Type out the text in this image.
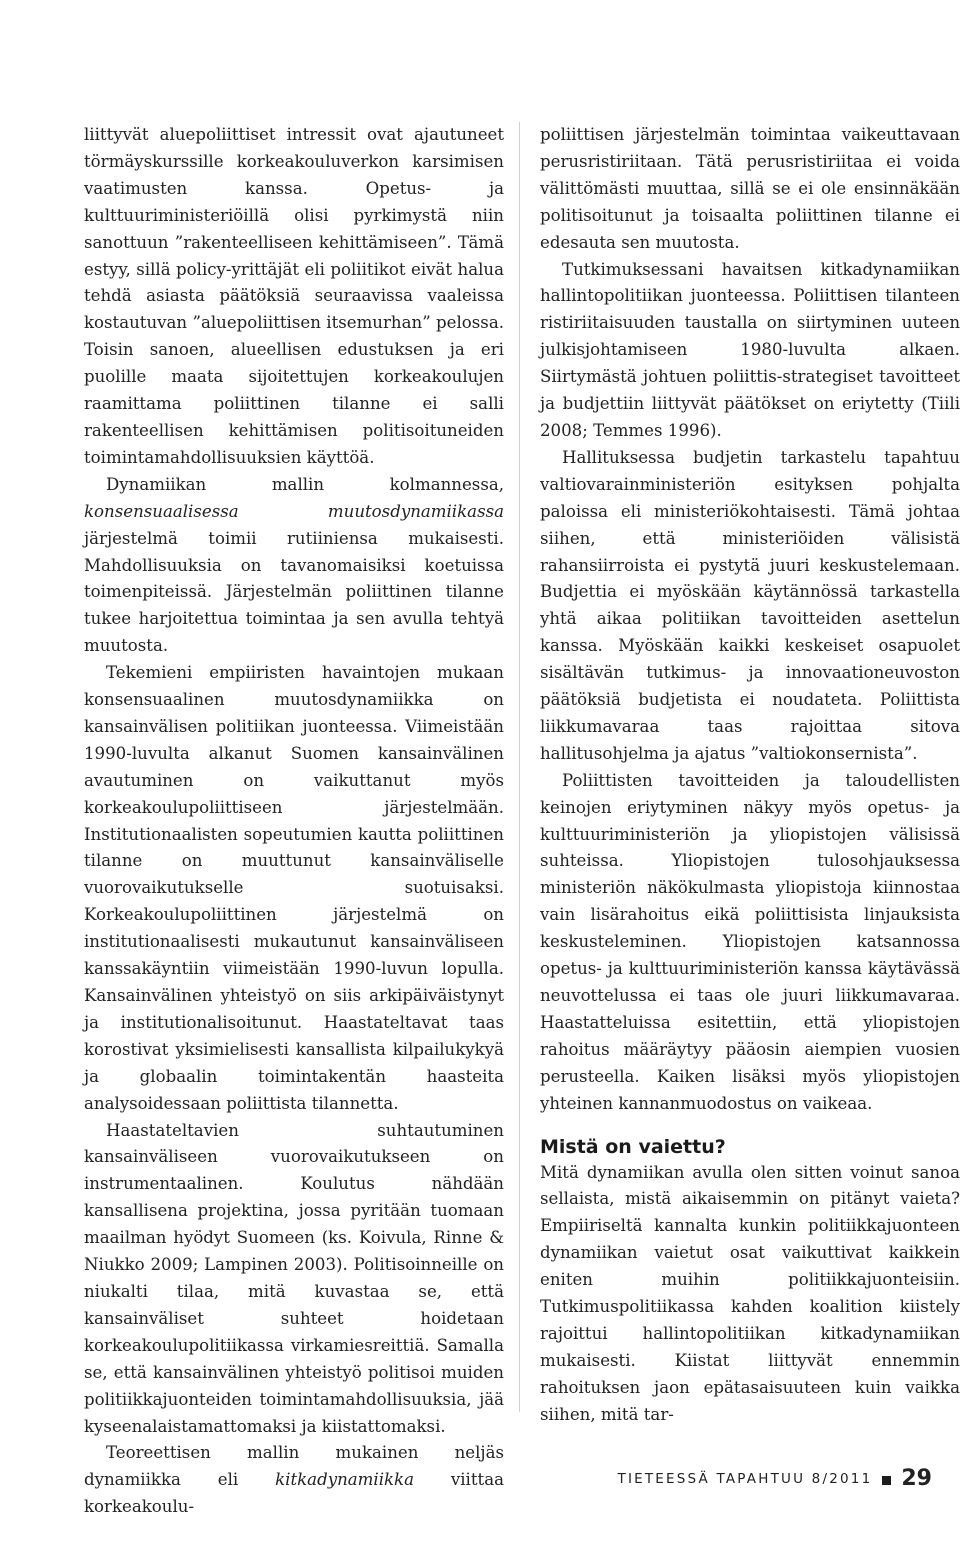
liittyvät aluepoliittiset intressit ovat ajautuneet törmäyskurssille korkeakouluverkon karsimisen vaatimusten kanssa. Opetus- ja kulttuuriministeriöillä olisi pyrkimystä niin sanottuun ”rakenteelliseen kehittämiseen”. Tämä estyy, sillä policy-yrittäjät eli poliitikot eivät halua tehdä asiasta päätöksiä seuraavissa vaaleissa kostautuvan ”aluepoliittisen itsemurhan” pelossa. Toisin sanoen, alueellisen edustuksen ja eri puolille maata sijoitettujen korkeakoulujen raamittama poliittinen tilanne ei salli rakenteellisen kehittämisen politisoituneiden toimintamahdollisuuksien käyttöä.

Dynamiikan mallin kolmannessa, konsensuaalisessa muutosdynamiikassa järjestelmä toimii rutiiniensa mukaisesti. Mahdollisuuksia on tavanomaisiksi koetuissa toimenpiteissä. Järjestelmän poliittinen tilanne tukee harjoitettua toimintaa ja sen avulla tehtyä muutosta.

Tekemieni empiiristen havaintojen mukaan konsensuaalinen muutosdynamiikka on kansainvälisen politiikan juonteessa. Viimeistään 1990-luvulta alkanut Suomen kansainvälinen avautuminen on vaikuttanut myös korkeakoulupoliittiseen järjestelmään. Institutionaalisten sopeutumien kautta poliittinen tilanne on muuttunut kansainväliselle vuorovaikutukselle suotuisaksi. Korkeakoulupoliittinen järjestelmä on institutionaalisesti mukautunut kansainväliseen kanssakäyntiin viimeistään 1990-luvun lopulla. Kansainvälinen yhteistyö on siis arkipäiväistynyt ja institutionalisoitunut. Haastateltavat taas korostivat yksimielisesti kansallista kilpailukykyä ja globaalin toimintakentän haasteita analysoidessaan poliittista tilannetta.

Haastateltavien suhtautuminen kansainväliseen vuorovaikutukseen on instrumentaalinen. Koulutus nähdään kansallisena projektina, jossa pyritään tuomaan maailman hyödyt Suomeen (ks. Koivula, Rinne & Niukko 2009; Lampinen 2003). Politisoinneille on niukalti tilaa, mitä kuvastaa se, että kansainväliset suhteet hoidetaan korkeakoulupolitiikassa virkamiesreittiä. Samalla se, että kansainvälinen yhteistyö politisoi muiden politiikkajuonteiden toimintamahdollisuuksia, jää kyseenalaistamattomaksi ja kiistattomaksi.

Teoreettisen mallin mukainen neljäs dynamiikka eli kitkadynamiikka viittaa korkeakoulu-

poliittisen järjestelmän toimintaa vaikeuttavaan perusristiriitaan. Tätä perusristiriitaa ei voida välittömästi muuttaa, sillä se ei ole ensinnäkään politisoitunut ja toisaalta poliittinen tilanne ei edesauta sen muutosta.

Tutkimuksessani havaitsen kitkadynamiikan hallintopolitiikan juonteessa. Poliittisen tilanteen ristiriitaisuuden taustalla on siirtyminen uuteen julkisjohtamiseen 1980-luvulta alkaen. Siirtymästä johtuen poliittis-strategiset tavoitteet ja budjettiin liittyvät päätökset on eriytetty (Tiili 2008; Temmes 1996).

Hallituksessa budjetin tarkastelu tapahtuu valtiovarainministeriön esityksen pohjalta paloissa eli ministeriökohtaisesti. Tämä johtaa siihen, että ministeriöiden välisistä rahansiirroista ei pystytä juuri keskustelemaan. Budjettia ei myöskään käytännössä tarkastella yhtä aikaa politiikan tavoitteiden asettelun kanssa. Myöskään kaikki keskeiset osapuolet sisältävän tutkimus- ja innovaationeuvoston päätöksiä budjetista ei noudateta. Poliittista liikkumavaraa taas rajoittaa sitova hallitusohjelma ja ajatus ”valtiokonsernista”.

Poliittisten tavoitteiden ja taloudellisten keinojen eriytyminen näkyy myös opetus- ja kulttuuriministeriön ja yliopistojen välisissä suhteissa. Yliopistojen tulosohjauksessa ministeriön näkökulmasta yliopistoja kiinnostaa vain lisärahoitus eikä poliittisista linjauksista keskusteleminen. Yliopistojen katsannossa opetus- ja kulttuuriministeriön kanssa käytävässä neuvottelussa ei taas ole juuri liikkumavaraa. Haastatteluissa esitettiin, että yliopistojen rahoitus määräytyy pääosin aiempien vuosien perusteella. Kaiken lisäksi myös yliopistojen yhteinen kannanmuodostus on vaikeaa.

Mistä on vaiettu?

Mitä dynamiikan avulla olen sitten voinut sanoa sellaista, mistä aikaisemmin on pitänyt vaieta? Empiiriseltä kannalta kunkin politiikkajuonteen dynamiikan vaietut osat vaikuttivat kaikkein eniten muihin politiikkajuonteisiin. Tutkimuspolitiikassa kahden koalition kiistely rajoittui hallintopolitiikan kitkadynamiikan mukaisesti. Kiistat liittyvät ennemmin rahoituksen jaon epätasaisuuteen kuin vaikka siihen, mitä tar-

TIETEESSÄ TAPAHTUU 8/2011 29
